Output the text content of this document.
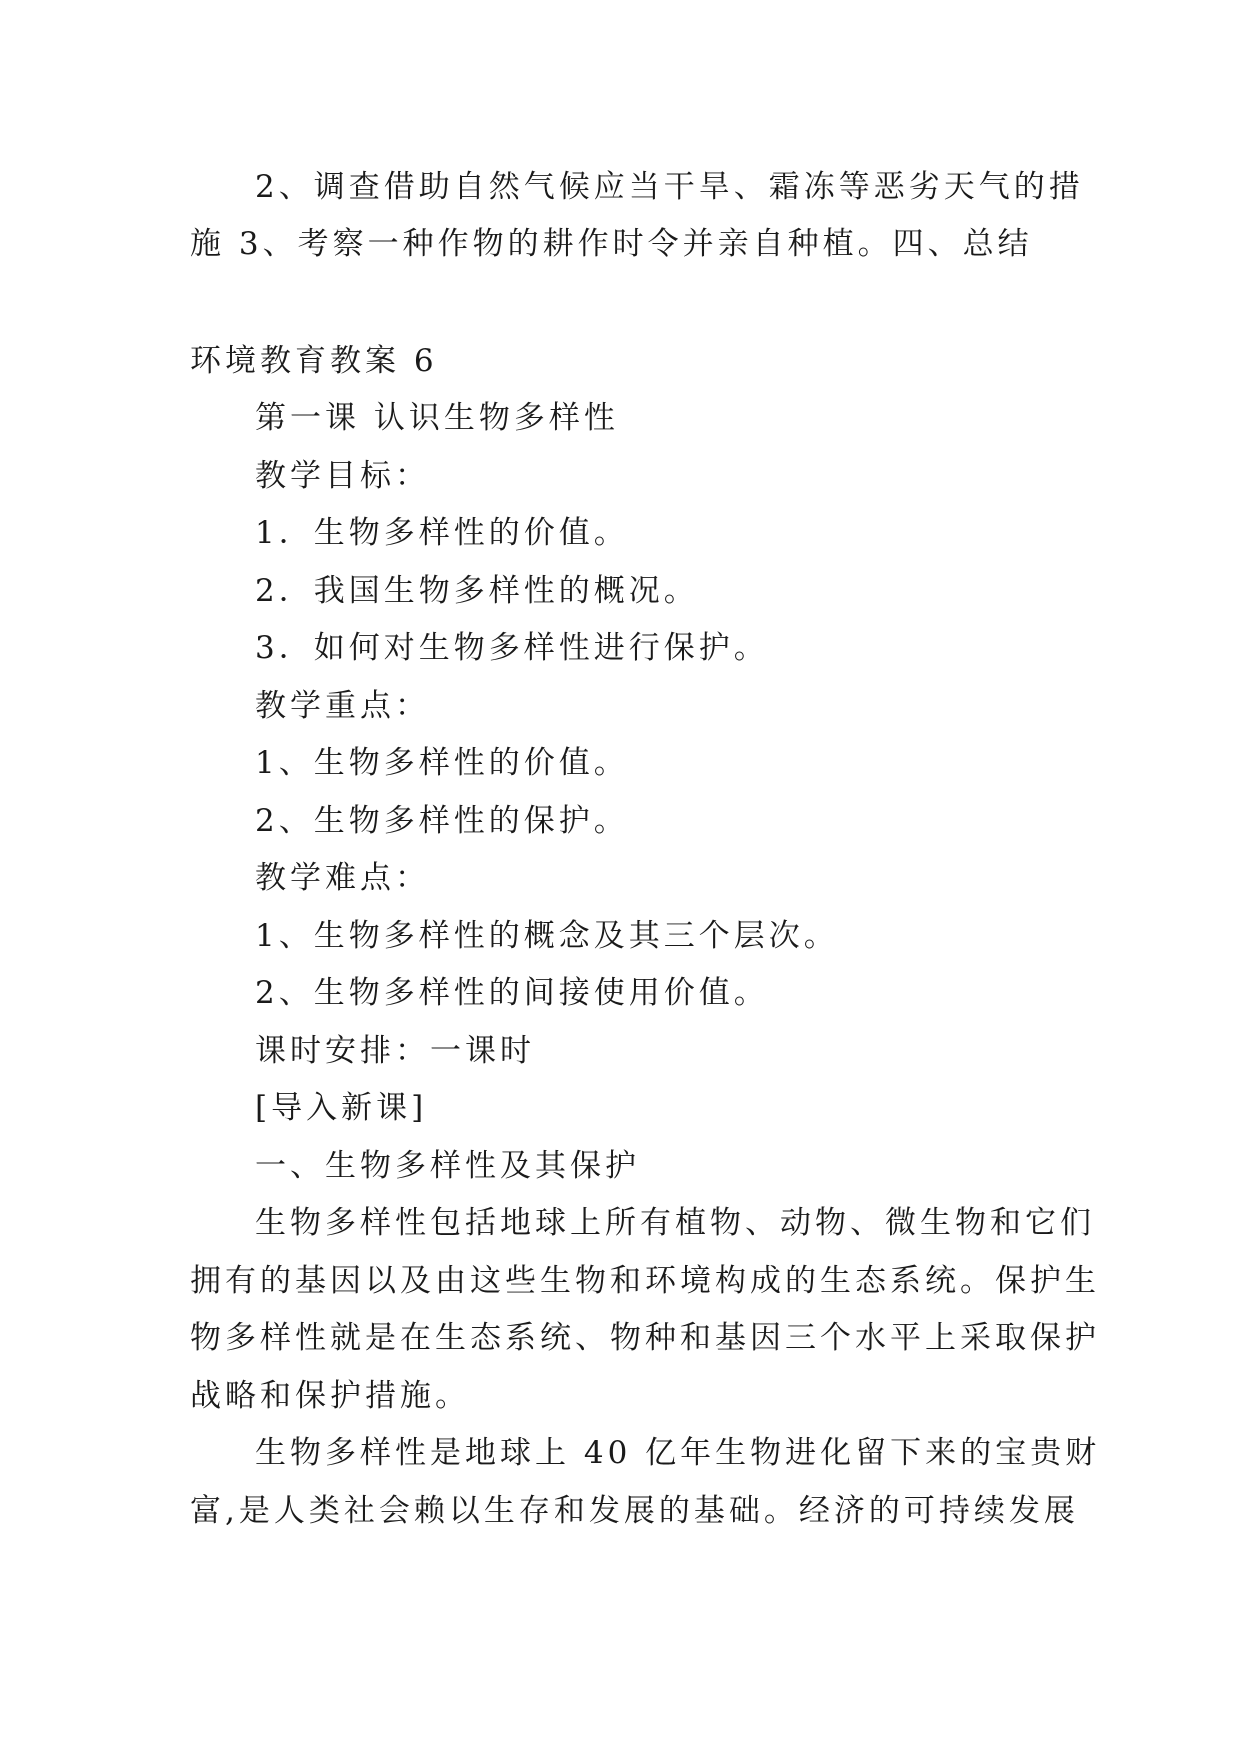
2、调查借助自然气候应当干旱、霜冻等恶劣天气的措
施 3、考察一种作物的耕作时令并亲自种植。四、总结
环境教育教案 6
第一课 认识生物多样性
教学目标：
1．生物多样性的价值。
2．我国生物多样性的概况。
3．如何对生物多样性进行保护。
教学重点：
1、生物多样性的价值。
2、生物多样性的保护。
教学难点：
1、生物多样性的概念及其三个层次。
2、生物多样性的间接使用价值。
课时安排：一课时
[导入新课]
一、生物多样性及其保护
生物多样性包括地球上所有植物、动物、微生物和它们
拥有的基因以及由这些生物和环境构成的生态系统。保护生
物多样性就是在生态系统、物种和基因三个水平上采取保护
战略和保护措施。
生物多样性是地球上 40 亿年生物进化留下来的宝贵财
富,是人类社会赖以生存和发展的基础。经济的可持续发展
